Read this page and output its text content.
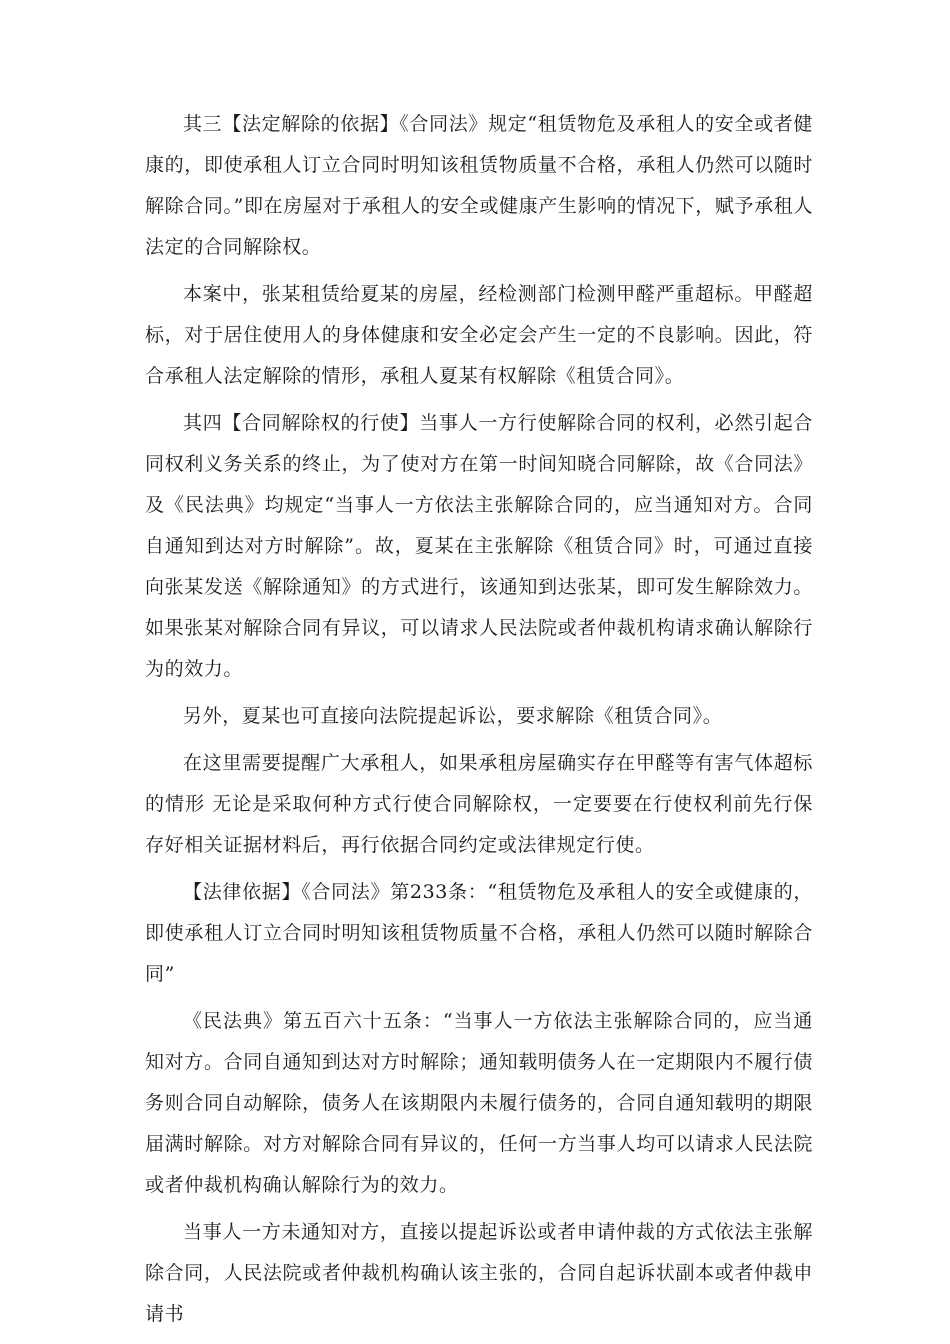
其三【法定解除的依据】《合同法》规定“租赁物危及承租人的安全或者健康的，即使承租人订立合同时明知该租赁物质量不合格，承租人仍然可以随时解除合同。”即在房屋对于承租人的安全或健康产生影响的情况下，赋予承租人法定的合同解除权。

本案中，张某租赁给夏某的房屋，经检测部门检测甲醛严重超标。甲醛超标，对于居住使用人的身体健康和安全必定会产生一定的不良影响。因此，符合承租人法定解除的情形，承租人夏某有权解除《租赁合同》。

其四【合同解除权的行使】当事人一方行使解除合同的权利，必然引起合同权利义务关系的终止，为了使对方在第一时间知晓合同解除，故《合同法》及《民法典》均规定“当事人一方依法主张解除合同的，应当通知对方。合同自通知到达对方时解除”。故，夏某在主张解除《租赁合同》时，可通过直接向张某发送《解除通知》的方式进行，该通知到达张某，即可发生解除效力。如果张某对解除合同有异议，可以请求人民法院或者仲裁机构请求确认解除行为的效力。

另外，夏某也可直接向法院提起诉讼，要求解除《租赁合同》。

在这里需要提醒广大承租人，如果承租房屋确实存在甲醛等有害气体超标的情形 无论是采取何种方式行使合同解除权，一定要要在行使权利前先行保存好相关证据材料后，再行依据合同约定或法律规定行使。

【法律依据】《合同法》第233条：“租赁物危及承租人的安全或健康的，即使承租人订立合同时明知该租赁物质量不合格，承租人仍然可以随时解除合同”

《民法典》第五百六十五条：“当事人一方依法主张解除合同的，应当通知对方。合同自通知到达对方时解除；通知载明债务人在一定期限内不履行债务则合同自动解除，债务人在该期限内未履行债务的，合同自通知载明的期限届满时解除。对方对解除合同有异议的，任何一方当事人均可以请求人民法院或者仲裁机构确认解除行为的效力。

当事人一方未通知对方，直接以提起诉讼或者申请仲裁的方式依法主张解除合同，人民法院或者仲裁机构确认该主张的，合同自起诉状副本或者仲裁申请书
